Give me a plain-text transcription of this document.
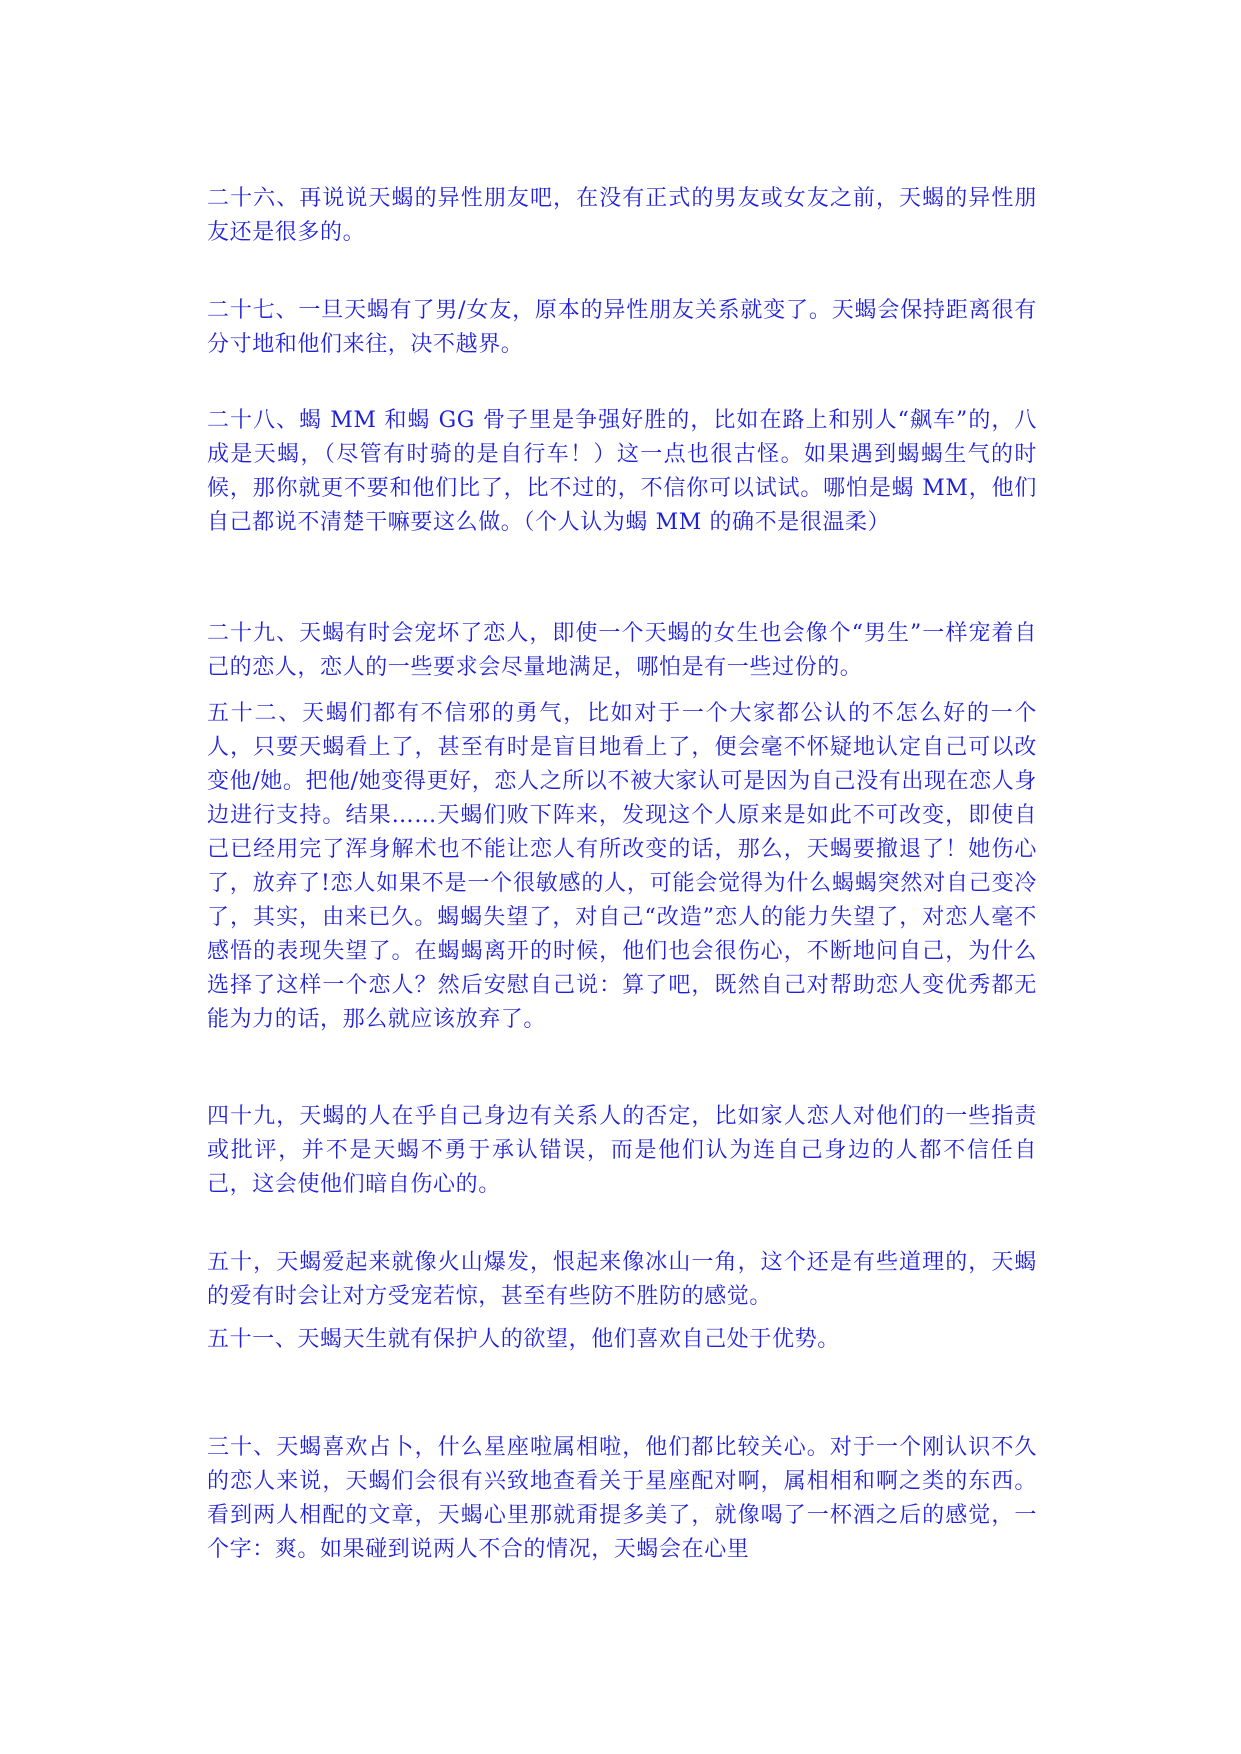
二十六、再说说天蝎的异性朋友吧，在没有正式的男友或女友之前，天蝎的异性朋友还是很多的。

二十七、一旦天蝎有了男/女友，原本的异性朋友关系就变了。天蝎会保持距离很有分寸地和他们来往，决不越界。

二十八、蝎 MM 和蝎 GG 骨子里是争强好胜的，比如在路上和别人“飙车”的，八成是天蝎，（尽管有时骑的是自行车！）这一点也很古怪。如果遇到蝎蝎生气的时候，那你就更不要和他们比了，比不过的，不信你可以试试。哪怕是蝎 MM，他们自己都说不清楚干嘛要这么做。（个人认为蝎 MM 的确不是很温柔）

二十九、天蝎有时会宠坏了恋人，即使一个天蝎的女生也会像个“男生”一样宠着自己的恋人，恋人的一些要求会尽量地满足，哪怕是有一些过份的。

五十二、天蝎们都有不信邪的勇气，比如对于一个大家都公认的不怎么好的一个人，只要天蝎看上了，甚至有时是盲目地看上了，便会毫不怀疑地认定自己可以改变他/她。把他/她变得更好，恋人之所以不被大家认可是因为自己没有出现在恋人身边进行支持。结果……天蝎们败下阵来，发现这个人原来是如此不可改变，即使自己已经用完了浑身解术也不能让恋人有所改变的话，那么，天蝎要撤退了！她伤心了，放弃了!恋人如果不是一个很敏感的人，可能会觉得为什么蝎蝎突然对自己变冷了，其实，由来已久。蝎蝎失望了，对自己“改造”恋人的能力失望了，对恋人毫不感悟的表现失望了。在蝎蝎离开的时候，他们也会很伤心，不断地问自己，为什么选择了这样一个恋人？然后安慰自己说：算了吧，既然自己对帮助恋人变优秀都无能为力的话，那么就应该放弃了。

四十九，天蝎的人在乎自己身边有关系人的否定，比如家人恋人对他们的一些指责或批评，并不是天蝎不勇于承认错误，而是他们认为连自己身边的人都不信任自己，这会使他们暗自伤心的。

五十，天蝎爱起来就像火山爆发，恨起来像冰山一角，这个还是有些道理的，天蝎的爱有时会让对方受宠若惊，甚至有些防不胜防的感觉。

五十一、天蝎天生就有保护人的欲望，他们喜欢自己处于优势。

三十、天蝎喜欢占卜，什么星座啦属相啦，他们都比较关心。对于一个刚认识不久的恋人来说，天蝎们会很有兴致地查看关于星座配对啊，属相相和啊之类的东西。看到两人相配的文章，天蝎心里那就甭提多美了，就像喝了一杯酒之后的感觉，一个字：爽。如果碰到说两人不合的情况，天蝎会在心里
